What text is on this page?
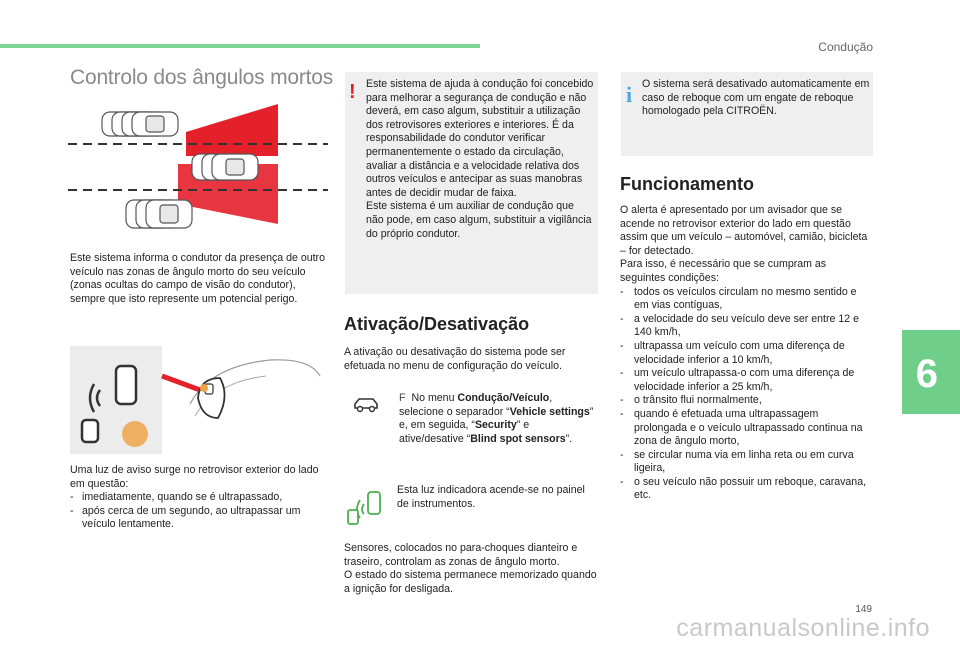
Condução
6
149
carmanualsonline.info
Controlo dos ângulos mortos
Este sistema informa o condutor da presença de outro veículo nas zonas de ângulo morto do seu veículo (zonas ocultas do campo de visão do condutor), sempre que isto represente um potencial perigo.

Uma luz de aviso surge no retrovisor exterior do lado em questão:

- imediatamente, quando se é ultrapassado,
- após cerca de um segundo, ao ultrapassar um veículo lentamente.
! Este sistema de ajuda à condução foi concebido para melhorar a segurança de condução e não deverá, em caso algum, substituir a utilização dos retrovisores exteriores e interiores. É da responsabilidade do condutor verificar permanentemente o estado da circulação, avaliar a distância e a velocidade relativa dos outros veículos e antecipar as suas manobras antes de decidir mudar de faixa.

Este sistema é um auxiliar de condução que não pode, em caso algum, substituir a vigilância do próprio condutor.

Ativação/Desativação
A ativação ou desativação do sistema pode ser efetuada no menu de configuração do veículo.
F No menu Condução/Veículo, selecione o separador “Vehicle settings” e, em seguida, “Security” e ative/desative “Blind spot sensors”.
Esta luz indicadora acende-se no painel de instrumentos.

Sensores, colocados no para-choques dianteiro e traseiro, controlam as zonas de ângulo morto.

O estado do sistema permanece memorizado quando a ignição for desligada.

i O sistema será desativado automaticamente em caso de reboque com um engate de reboque homologado pela CITROËN.
Funcionamento

O alerta é apresentado por um avisador que se acende no retrovisor exterior do lado em questão assim que um veículo – automóvel, camião, bicicleta – for detectado.

Para isso, é necessário que se cumpram as seguintes condições:

- todos os veículos circulam no mesmo sentido e em vias contíguas,
- a velocidade do seu veículo deve ser entre 12 e 140 km/h,
- ultrapassa um veículo com uma diferença de velocidade inferior a 10 km/h,
- um veículo ultrapassa-o com uma diferença de velocidade inferior a 25 km/h,
- o trânsito flui normalmente,
- quando é efetuada uma ultrapassagem prolongada e o veículo ultrapassado continua na zona de ângulo morto,
- se circular numa via em linha reta ou em curva ligeira,
- o seu veículo não possuir um reboque, caravana, etc.
